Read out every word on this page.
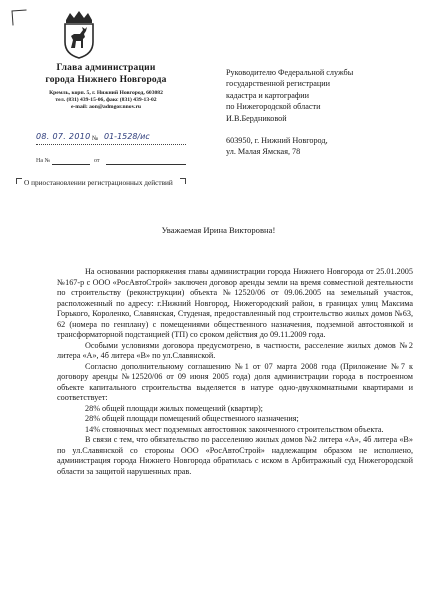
Глава администрации
города Нижнего Новгорода
Кремль, корп. 5, г. Нижний Новгород, 603082
тел. (831) 439-15-06, факс (831) 439-13-02
e-mail: aon@admgor.nnov.ru
08. 07. 2010 № 01-1528/ис
На №	от
О приостановлении регистрационных действий
Руководителю Федеральной службы
государственной регистрации
кадастра и картографии
по Нижегородской области
И.В.Бердниковой
603950, г. Нижний Новгород,
ул. Малая Ямская, 78
Уважаемая Ирина Викторовна!

На основании распоряжения главы администрации города Нижнего Новгорода от 25.01.2005 №167-р с ООО «РосАвтоСтрой» заключен договор аренды земли на время совместной деятельности по строительству (реконструкции) объекта №12520/06 от 09.06.2005 на земельный участок, расположенный по адресу: г.Нижний Новгород, Нижегородский район, в границах улиц Максима Горького, Короленко, Славянская, Студеная, предоставленный под строительство жилых домов №63, 62 (номера по генплану) с помещениями общественного назначения, подземной автостоянкой и трансформаторной подстанцией (ТП) со сроком действия до 09.11.2009 года.

Особыми условиями договора предусмотрено, в частности, расселение жилых домов №2 литера «А», 4б литера «В» по ул.Славянской.

Согласно дополнительному соглашению №1 от 07 марта 2008 года (Приложение №7 к договору аренды №12520/06 от 09 июня 2005 года) доля администрации города в построенном объекте капитального строительства выделяется в натуре одно-двухкомнатными квартирами и соответствует:

28% общей площади жилых помещений (квартир);

28% общей площади помещений общественного назначения;

14% стояночных мест подземных автостоянок законченного строительством объекта.

В связи с тем, что обязательство по расселению жилых домов №2 литера «А», 4б литера «В» по ул.Славянской со стороны ООО «РосАвтоСтрой» надлежащим образом не исполнено, администрация города Нижнего Новгорода обратилась с иском в Арбитражный суд Нижегородской области за защитой нарушенных прав.
